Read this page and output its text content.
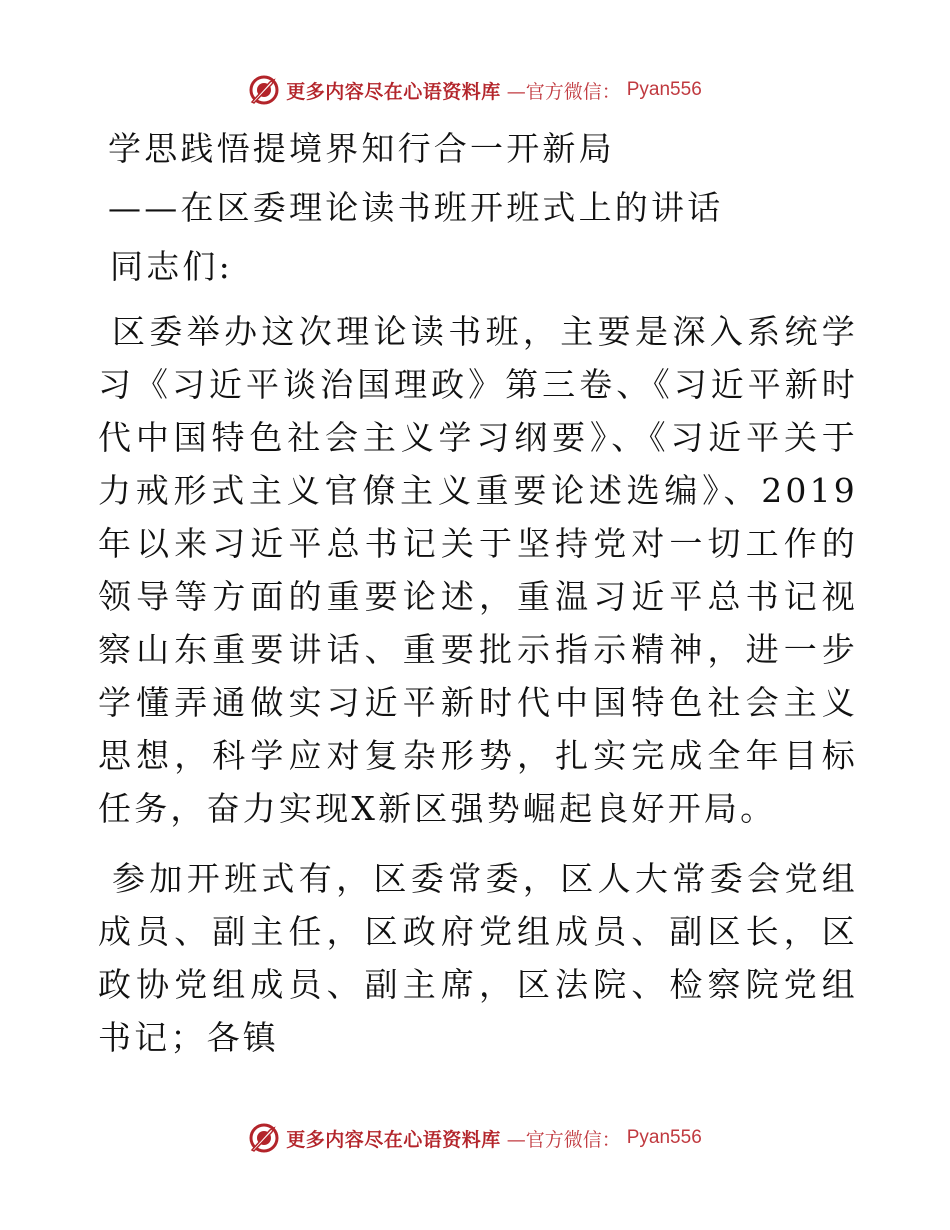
更多内容尽在心语资料库 —官方微信： Pyan556
学思践悟提境界知行合一开新局
——在区委理论读书班开班式上的讲话
同志们:

区委举办这次理论读书班，主要是深入系统学习《习近平谈治国理政》第三卷、《习近平新时代中国特色社会主义学习纲要》、《习近平关于力戒形式主义官僚主义重要论述选编》、2019年以来习近平总书记关于坚持党对一切工作的领导等方面的重要论述，重温习近平总书记视察山东重要讲话、重要批示指示精神，进一步学懂弄通做实习近平新时代中国特色社会主义思想，科学应对复杂形势，扎实完成全年目标任务，奋力实现X新区强势崛起良好开局。

参加开班式有，区委常委，区人大常委会党组成员、副主任，区政府党组成员、副区长，区政协党组成员、副主席，区法院、检察院党组书记；各镇

更多内容尽在心语资料库 —官方微信： Pyan556
